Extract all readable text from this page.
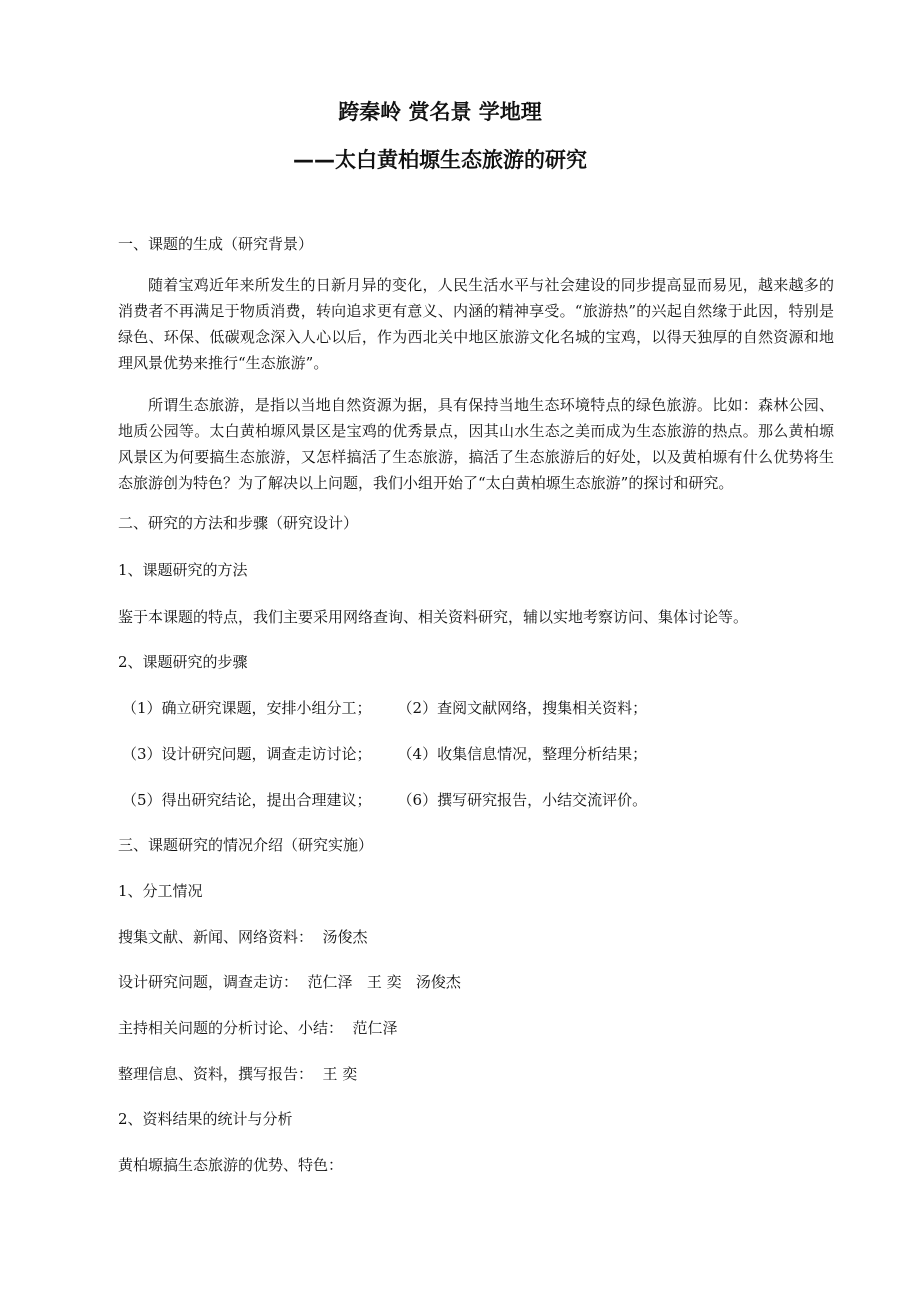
跨秦岭 赏名景 学地理
——太白黄柏塬生态旅游的研究

一、课题的生成（研究背景）

随着宝鸡近年来所发生的日新月异的变化，人民生活水平与社会建设的同步提高显而易见，越来越多的消费者不再满足于物质消费，转向追求更有意义、内涵的精神享受。“旅游热”的兴起自然缘于此因，特别是绿色、环保、低碳观念深入人心以后，作为西北关中地区旅游文化名城的宝鸡，以得天独厚的自然资源和地理风景优势来推行“生态旅游”。

所谓生态旅游，是指以当地自然资源为据，具有保持当地生态环境特点的绿色旅游。比如：森林公园、地质公园等。太白黄柏塬风景区是宝鸡的优秀景点，因其山水生态之美而成为生态旅游的热点。那么黄柏塬风景区为何要搞生态旅游，又怎样搞活了生态旅游，搞活了生态旅游后的好处，以及黄柏塬有什么优势将生态旅游创为特色？为了解决以上问题，我们小组开始了“太白黄柏塬生态旅游”的探讨和研究。

二、研究的方法和步骤（研究设计）

1、课题研究的方法

鉴于本课题的特点，我们主要采用网络查询、相关资料研究，辅以实地考察访问、集体讨论等。

2、课题研究的步骤

（1）确立研究课题，安排小组分工； （2）查阅文献网络，搜集相关资料；

（3）设计研究问题，调查走访讨论； （4）收集信息情况，整理分析结果；

（5）得出研究结论，提出合理建议； （6）撰写研究报告，小结交流评价。

三、课题研究的情况介绍（研究实施）

1、分工情况

搜集文献、新闻、网络资料：  汤俊杰

设计研究问题，调查走访：  范仁泽   王 奕   汤俊杰

主持相关问题的分析讨论、小结：  范仁泽

整理信息、资料，撰写报告：  王 奕

2、资料结果的统计与分析

黄柏塬搞生态旅游的优势、特色：
